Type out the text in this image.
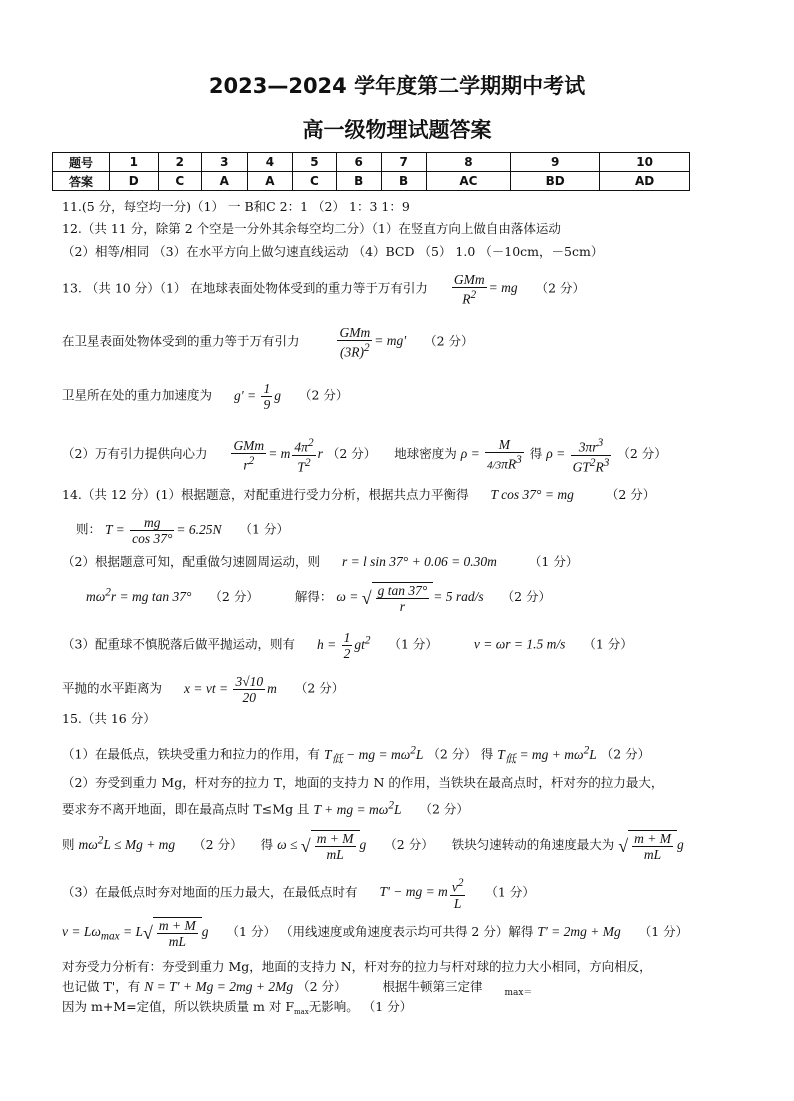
2023—2024 学年度第二学期期中考试
高一级物理试题答案
题号	1	2	3	4	5	6	7	8	9	10
答案	D	C	A	A	C	B	B	AC	BD	AD
11.(5 分，每空均一分)（1） 一 B和C 2：1 （2） 1：3 1：9
12.（共 11 分，除第 2 个空是一分外其余每空均二分）（1）在竖直方向上做自由落体运动
（2）相等/相同 （3）在水平方向上做匀速直线运动 （4）BCD （5） 1.0 （－10cm，－5cm）
13. （共 10 分）（1） 在地球表面处物体受到的重力等于万有引力
GMm
$R^2$ = mg （2 分）
在卫星表面处物体受到的重力等于万有引力
GMm
$(3R)^2 = mg'$ （2 分）
卫星所在处的重力加速度为 $g' = \frac{1}{9}$ g （2 分）
（2）万有引力提供向心力
GMm
$r^2$	= m $\frac{4\pi^2}{T^2}$ r （2 分） 地球密度为 $\rho = \frac{M}{4/3\pi R^3}$ 得 $\rho = \frac{3\pi r^3}{GT^2R^3} (2$ 分）
14.（共 12 分）(1）根据题意，对配重进行受力分析，根据共点力平衡得 T cos 37° = mg	（2 分）
则： $T = \frac{mg}{\cos 37^\circ} = 6.25N$ （1 分）
（2）根据题意可知，配重做匀速圆周运动，则 r = l sin 37° + 0.06 = 0.30m	（1 分）
$m\omega^2r$ = mg tan 37° （2 分）	解得： ω = √ $\frac{\text{g tan 37°}}{r} = 5$ rad/s （2 分）
（3）配重球不慎脱落后做平抛运动，则有 $h = \frac{1}{2} gt^2$ （1 分）	v = ωr = 1.5 m/s （1 分）
平抛的水平距离为 x = vt = $\frac{3√10}{20}$ m （2 分）
15.（共 16 分）
（1）在最低点，铁块受重力和拉力的作用，有 $T_低$ − mg = $m\omega^2L$ （2 分） 得 $T_低$ = mg + $m\omega^2L$ （2 分）
（2）夯受到重力 Mg，杆对夯的拉力 T，地面的支持力 N 的作用，当铁块在最高点时，杆对夯的拉力最大，
要求夯不离开地面，即在最高点时 T≤Mg 且 T + mg = $m\omega^2L$ （2 分）
则 $m\omega^2L \le Mg$ + mg （2 分） 得 ω ≤ √ $\frac{m + M}{mL}$ g （2 分） 铁块匀速转动的角速度最大为 √ $\frac{m + M}{mL}$ g
（3）在最低点时夯对地面的压力最大，在最低点时有 T' − mg = m $\frac{v^2}{L} (1$ 分）
$v = L\omega_{max} = L√ \frac{m + M}{mL}$ g （1 分） （用线速度或角速度表示均可共得 2 分）解得 T' = 2mg + Mg （1 分）
对夯受力分析有：夯受到重力 Mg，地面的支持力 N，杆对夯的拉力与杆对球的拉力大小相同，方向相反，
也记做 T'，有 N = T' + Mg = 2mg + 2Mg （2 分）	根据牛顿第三定律 $_{max=}$
因为 m+M=定值，所以铁块质量 m 对 $F_{max}$无影响。 （1 分）
